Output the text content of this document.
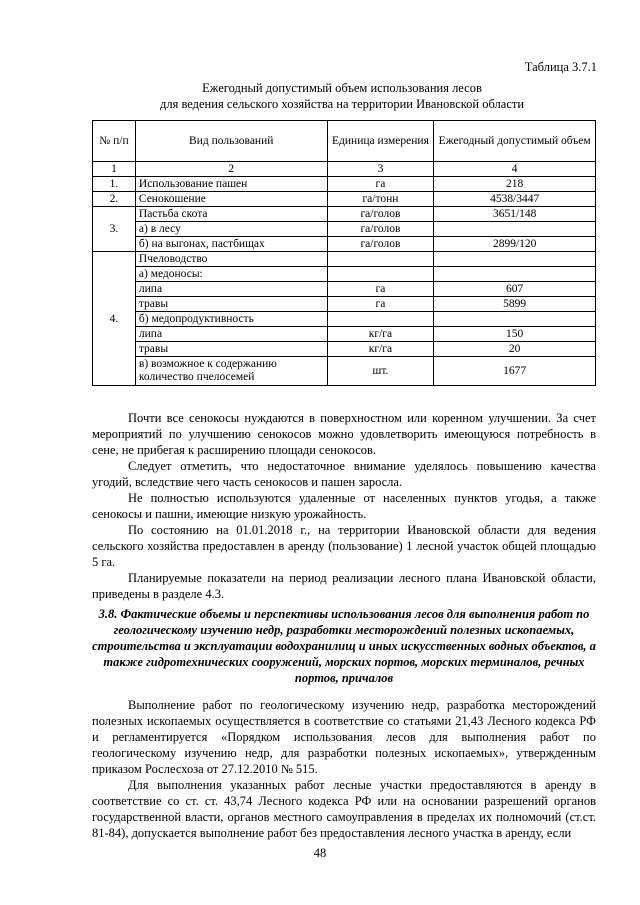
Таблица 3.7.1
Ежегодный допустимый объем использования лесов
для ведения сельского хозяйства на территории Ивановской области
№ п/п	Вид пользований	Единица измерения	Ежегодный допустимый объем
1	2	3	4
1.	Использование пашен	га	218
2.	Сенокошение	га/тонн	4538/3447
3.	Пастьба скота	га/голов	3651/148
	а) в лесу	га/голов	
	б) на выгонах, пастбищах	га/голов	2899/120
4.	Пчеловодство		
	а) медоносы:		
	липа	га	607
	травы	га	5899
	б) медопродуктивность		
	липа	кг/га	150
	травы	кг/га	20
	в) возможное к содержанию количество пчелосемей	шт.	1677

Почти все сенокосы нуждаются в поверхностном или коренном улучшении. За счет мероприятий по улучшению сенокосов можно удовлетворить имеющуюся потребность в сене, не прибегая к расширению площади сенокосов.

Следует отметить, что недостаточное внимание уделялось повышению качества угодий, вследствие чего часть сенокосов и пашен заросла.

Не полностью используются удаленные от населенных пунктов угодья, а также сенокосы и пашни, имеющие низкую урожайность.

По состоянию на 01.01.2018 г., на территории Ивановской области для ведения сельского хозяйства предоставлен в аренду (пользование) 1 лесной участок общей площадью 5 га.

Планируемые показатели на период реализации лесного плана Ивановской области, приведены в разделе 4.3.

3.8. Фактические объемы и перспективы использования лесов для выполнения работ по геологическому изучению недр, разработки месторождений полезных ископаемых, строительства и эксплуатации водохранилищ и иных искусственных водных объектов, а также гидротехнических сооружений, морских портов, морских терминалов, речных портов, причалов

Выполнение работ по геологическому изучению недр, разработка месторождений полезных ископаемых осуществляется в соответствие со статьями 21,43 Лесного кодекса РФ и регламентируется «Порядком использования лесов для выполнения работ по геологическому изучению недр, для разработки полезных ископаемых», утвержденным приказом Рослесхоза от 27.12.2010 № 515.

Для выполнения указанных работ лесные участки предоставляются в аренду в соответствие со ст. ст. 43,74 Лесного кодекса РФ или на основании разрешений органов государственной власти, органов местного самоуправления в пределах их полномочий (ст.ст. 81-84), допускается выполнение работ без предоставления лесного участка в аренду, если

48
